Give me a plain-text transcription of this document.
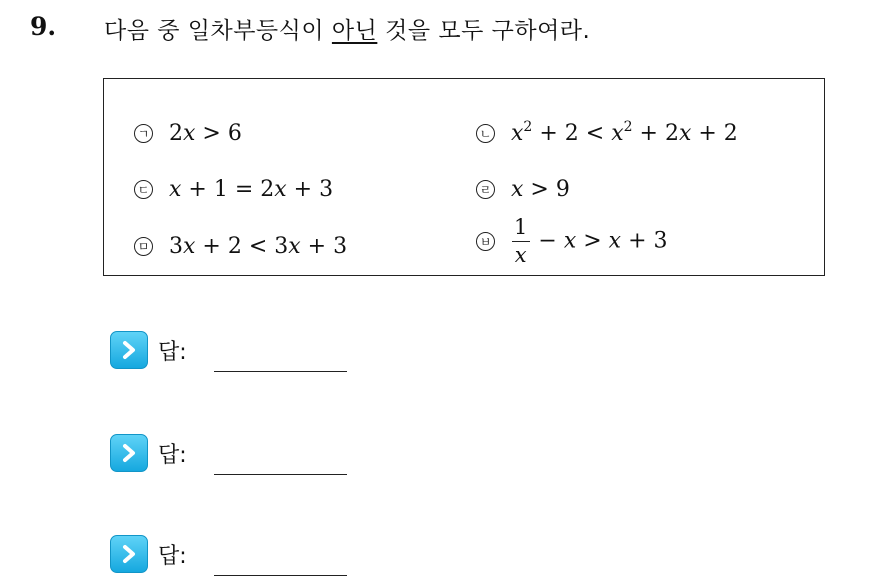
9. 다음 중 일차부등식이 아닌 것을 모두 구하여라.
ㄱ 2x > 6	ㄴ $x^2 + 2 < x^2 + 2x + 2$
ㄷ x + 1 = 2x + 3	ㄹ x > 9
ㅁ 3x + 2 < 3x + 3	ㅂ $\frac{1}{x} - x > x + 3$
답:
답:
답:
